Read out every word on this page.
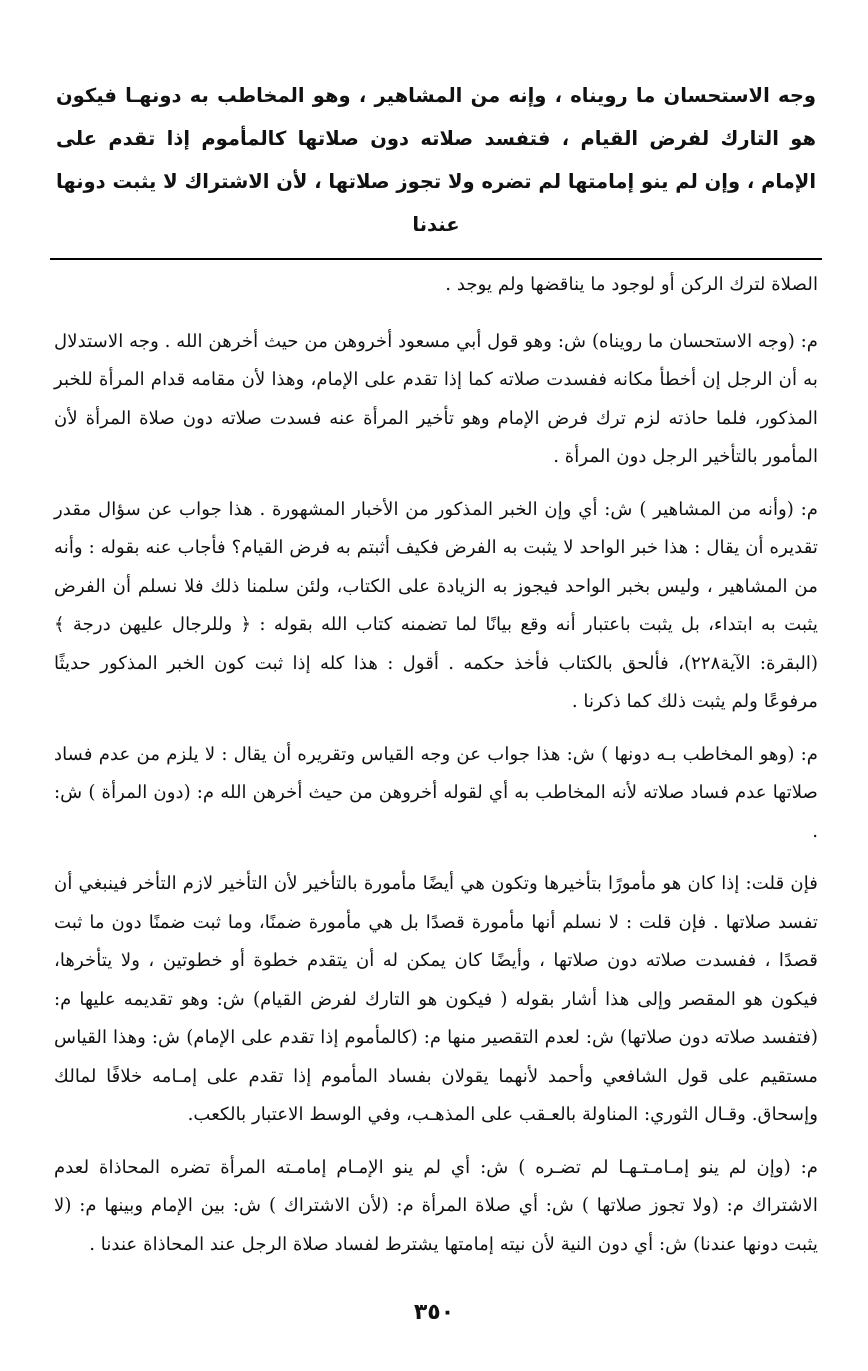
وجه الاستحسان ما رويناه ، وإنه من المشاهير ، وهو المخاطب به دونهـا فيكون هو التارك لفرض القيام ، فتفسد صلاته دون صلاتها كالمأموم إذا تقدم على الإمام ، وإن لم ينو إمامتها لم تضره ولا تجوز صلاتها ، لأن الاشتراك لا يثبت دونها عندنا

الصلاة لترك الركن أو لوجود ما يناقضها ولم يوجد .

م: (وجه الاستحسان ما رويناه) ش: وهو قول أبي مسعود أخروهن من حيث أخرهن الله . وجه الاستدلال به أن الرجل إن أخطأ مكانه ففسدت صلاته كما إذا تقدم على الإمام، وهذا لأن مقامه قدام المرأة للخبر المذكور، فلما حاذته لزم ترك فرض الإمام وهو تأخير المرأة عنه فسدت صلاته دون صلاة المرأة لأن المأمور بالتأخير الرجل دون المرأة .

م: (وأنه من المشاهير ) ش: أي وإن الخبر المذكور من الأخبار المشهورة . هذا جواب عن سؤال مقدر تقديره أن يقال : هذا خبر الواحد لا يثبت به الفرض فكيف أثبتم به فرض القيام؟ فأجاب عنه بقوله : وأنه من المشاهير ، وليس بخبر الواحد فيجوز به الزيادة على الكتاب، ولئن سلمنا ذلك فلا نسلم أن الفرض يثبت به ابتداء، بل يثبت باعتبار أنه وقع بيانًا لما تضمنه كتاب الله بقوله : ﴿ وللرجال عليهن درجة ﴾ (البقرة: الآية٢٢٨)، فألحق بالكتاب فأخذ حكمه . أقول : هذا كله إذا ثبت كون الخبر المذكور حديثًا مرفوعًا ولم يثبت ذلك كما ذكرنا .

م: (وهو المخاطب بـه دونها ) ش: هذا جواب عن وجه القياس وتقريره أن يقال : لا يلزم من عدم فساد صلاتها عدم فساد صلاته لأنه المخاطب به أي لقوله أخروهن من حيث أخرهن الله م: (دون المرأة ) ش: .

فإن قلت: إذا كان هو مأمورًا بتأخيرها وتكون هي أيضًا مأمورة بالتأخير لأن التأخير لازم التأخر فينبغي أن تفسد صلاتها . فإن قلت : لا نسلم أنها مأمورة قصدًا بل هي مأمورة ضمنًا، وما ثبت ضمنًا دون ما ثبت قصدًا ، ففسدت صلاته دون صلاتها ، وأيضًا كان يمكن له أن يتقدم خطوة أو خطوتين ، ولا يتأخرها، فيكون هو المقصر وإلى هذا أشار بقوله ( فيكون هو التارك لفرض القيام) ش: وهو تقديمه عليها م: (فتفسد صلاته دون صلاتها) ش: لعدم التقصير منها م: (كالمأموم إذا تقدم على الإمام) ش: وهذا القياس مستقيم على قول الشافعي وأحمد لأنهما يقولان بفساد المأموم إذا تقدم على إمـامه خلافًا لمالك وإسحاق. وقـال الثوري: المناولة بالعـقب على المذهـب، وفي الوسط الاعتبار بالكعب.

م: (وإن لم ينو إمـامـتـهـا لم تضـره ) ش: أي لم ينو الإمـام إمامـته المرأة تضره المحاذاة لعدم الاشتراك م: (ولا تجوز صلاتها ) ش: أي صلاة المرأة م: (لأن الاشتراك ) ش: بين الإمام وبينها م: (لا يثبت دونها عندنا) ش: أي دون النية لأن نيته إمامتها يشترط لفساد صلاة الرجل عند المحاذاة عندنا .

٣٥٠
